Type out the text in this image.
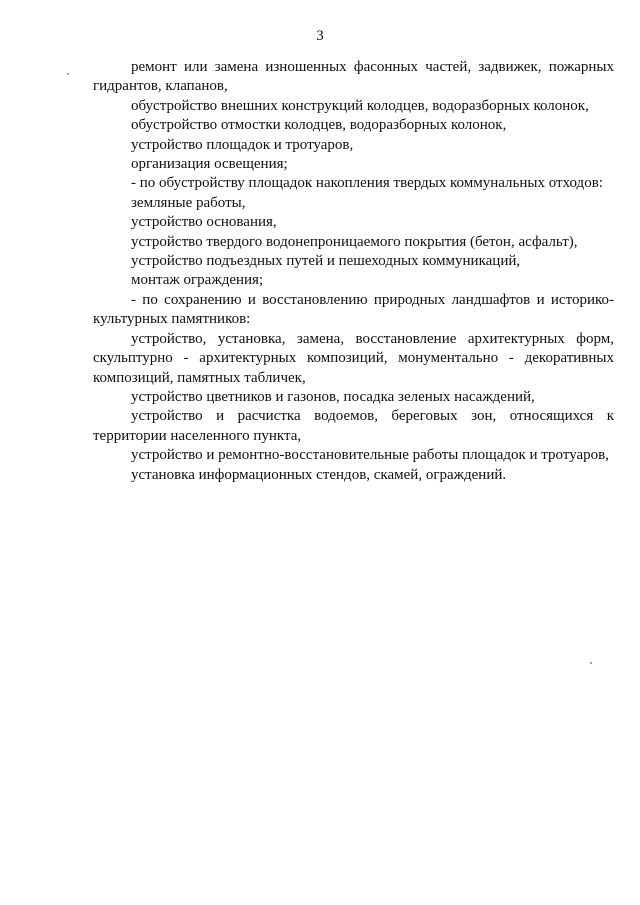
3

ремонт или замена изношенных фасонных частей, задвижек, пожарных гидрантов, клапанов,

обустройство внешних конструкций колодцев, водоразборных колонок,

обустройство отмостки колодцев, водоразборных колонок,

устройство площадок и тротуаров,

организация освещения;

- по обустройству площадок накопления твердых коммунальных отходов:

земляные работы,

устройство основания,

устройство твердого водонепроницаемого покрытия (бетон, асфальт),

устройство подъездных путей и пешеходных коммуникаций,

монтаж ограждения;

- по сохранению и восстановлению природных ландшафтов и историко-культурных памятников:

устройство, установка, замена, восстановление архитектурных форм, скульптурно - архитектурных композиций, монументально - декоративных композиций, памятных табличек,

устройство цветников и газонов, посадка зеленых насаждений,

устройство и расчистка водоемов, береговых зон, относящихся к территории населенного пункта,

устройство и ремонтно-восстановительные работы площадок и тротуаров,

установка информационных стендов, скамей, ограждений.
